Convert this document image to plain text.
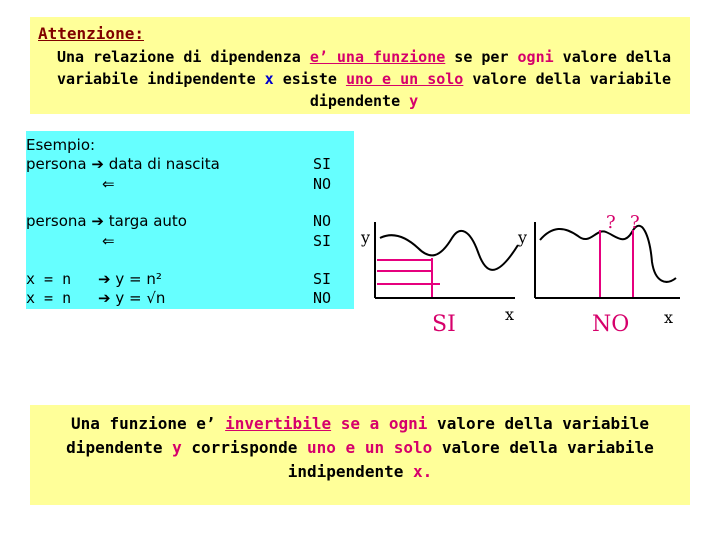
Attenzione:
Una relazione di dipendenza e’ una funzione se per ogni valore della variabile indipendente x esiste uno e un solo valore della variabile dipendente y
Esempio:
persona ➔ data di nascita
⇐
SI
NO
persona ➔ targa auto
⇐
NO
SI
x = n ➔ y = n²	SI
x = n ➔ y = √n	NO
y
x
SI
y
x
? ?
NO
Una funzione e’ invertibile se a ogni valore della variabile dipendente y corrisponde uno e un solo valore della variabile indipendente x.
